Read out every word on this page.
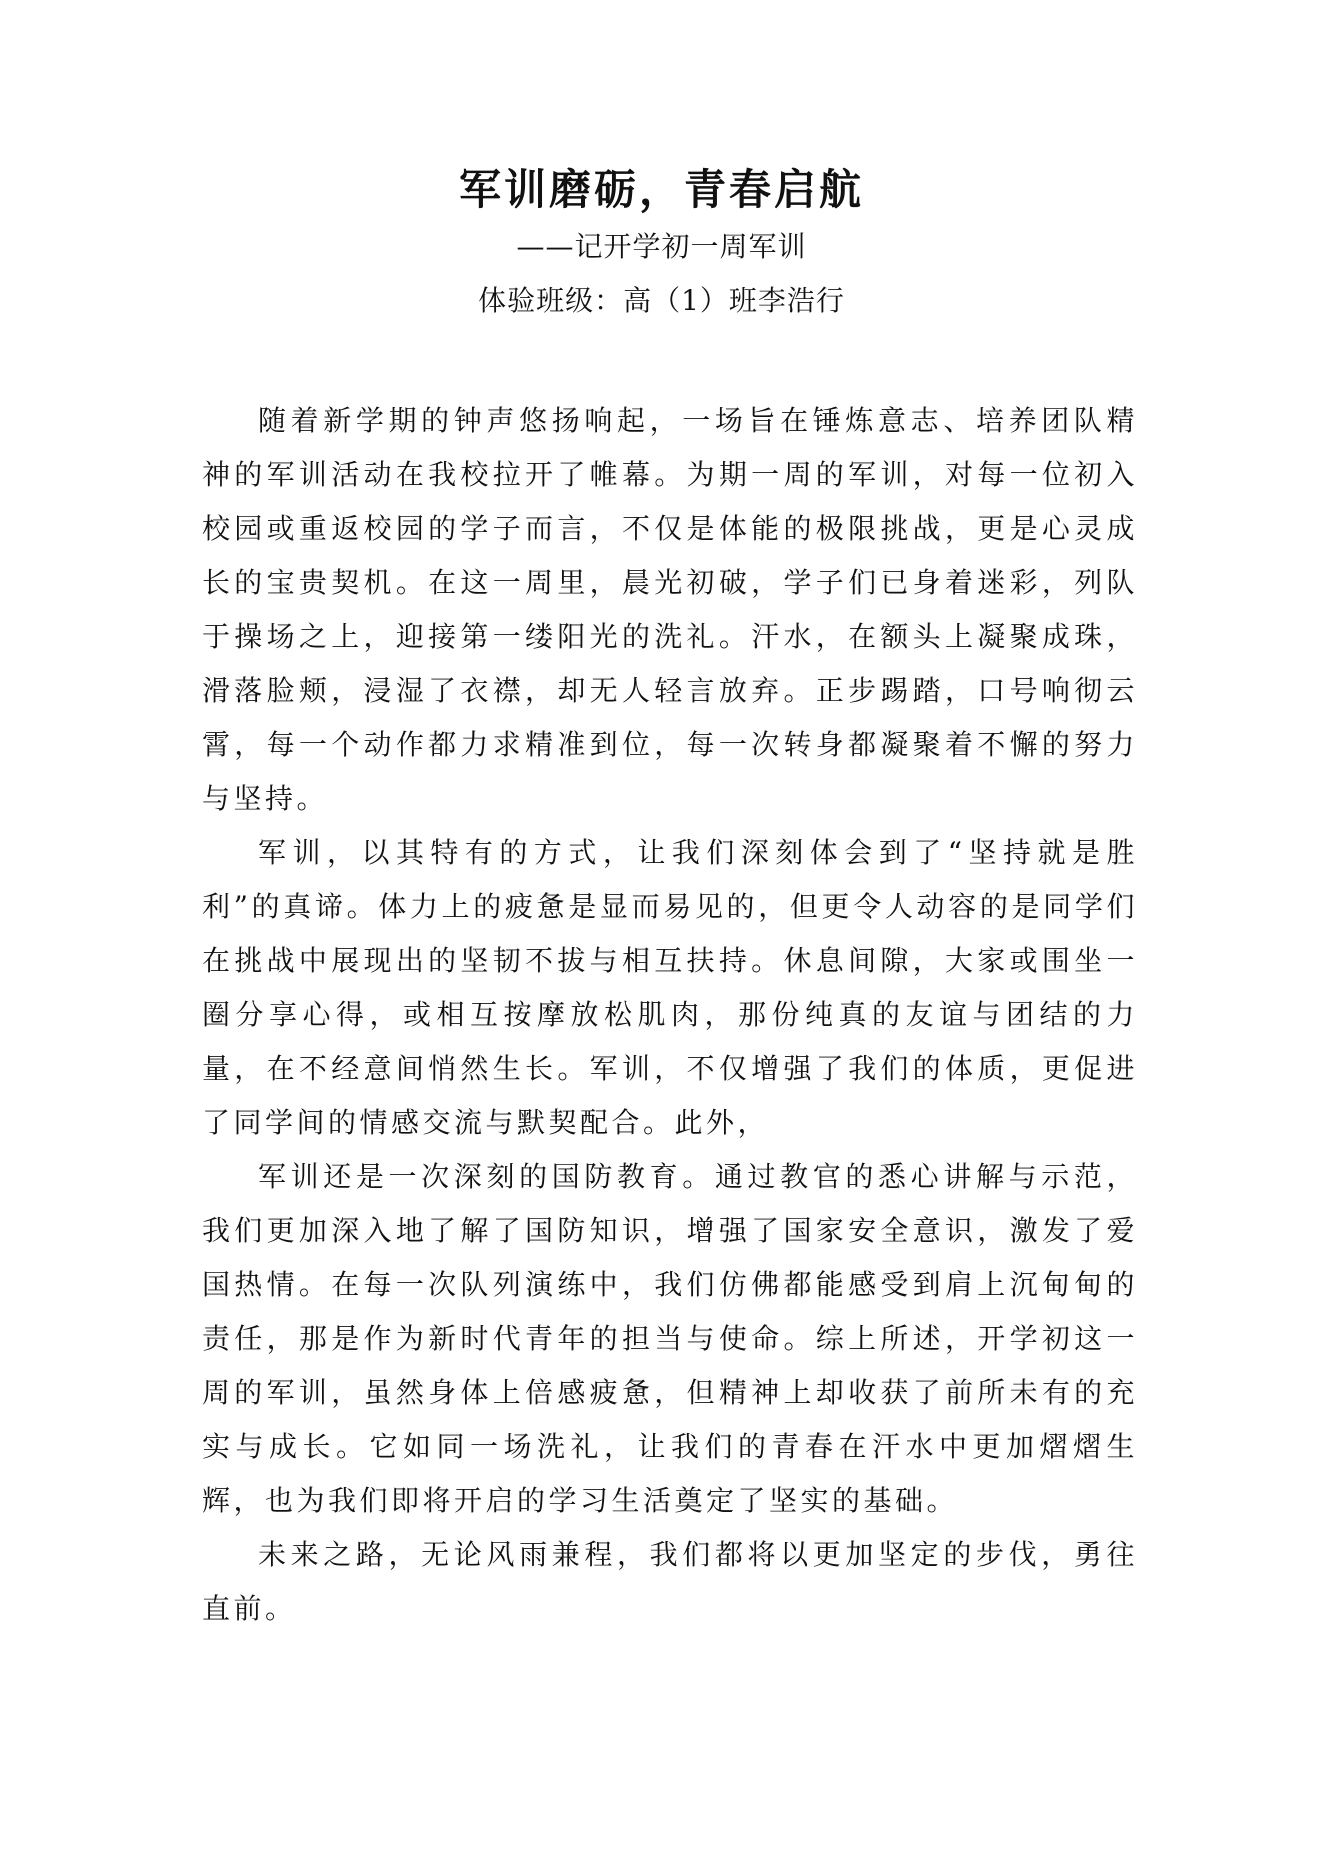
军训磨砺，青春启航

——记开学初一周军训

体验班级：高（1）班李浩行

随着新学期的钟声悠扬响起，一场旨在锤炼意志、培养团队精神的军训活动在我校拉开了帷幕。为期一周的军训，对每一位初入校园或重返校园的学子而言，不仅是体能的极限挑战，更是心灵成长的宝贵契机。在这一周里，晨光初破，学子们已身着迷彩，列队于操场之上，迎接第一缕阳光的洗礼。汗水，在额头上凝聚成珠，滑落脸颊，浸湿了衣襟，却无人轻言放弃。正步踢踏，口号响彻云霄，每一个动作都力求精准到位，每一次转身都凝聚着不懈的努力与坚持。

军训，以其特有的方式，让我们深刻体会到了“坚持就是胜利”的真谛。体力上的疲惫是显而易见的，但更令人动容的是同学们在挑战中展现出的坚韧不拔与相互扶持。休息间隙，大家或围坐一圈分享心得，或相互按摩放松肌肉，那份纯真的友谊与团结的力量，在不经意间悄然生长。军训，不仅增强了我们的体质，更促进了同学间的情感交流与默契配合。此外，

军训还是一次深刻的国防教育。通过教官的悉心讲解与示范，我们更加深入地了解了国防知识，增强了国家安全意识，激发了爱国热情。在每一次队列演练中，我们仿佛都能感受到肩上沉甸甸的责任，那是作为新时代青年的担当与使命。综上所述，开学初这一周的军训，虽然身体上倍感疲惫，但精神上却收获了前所未有的充实与成长。它如同一场洗礼，让我们的青春在汗水中更加熠熠生辉，也为我们即将开启的学习生活奠定了坚实的基础。

未来之路，无论风雨兼程，我们都将以更加坚定的步伐，勇往直前。
